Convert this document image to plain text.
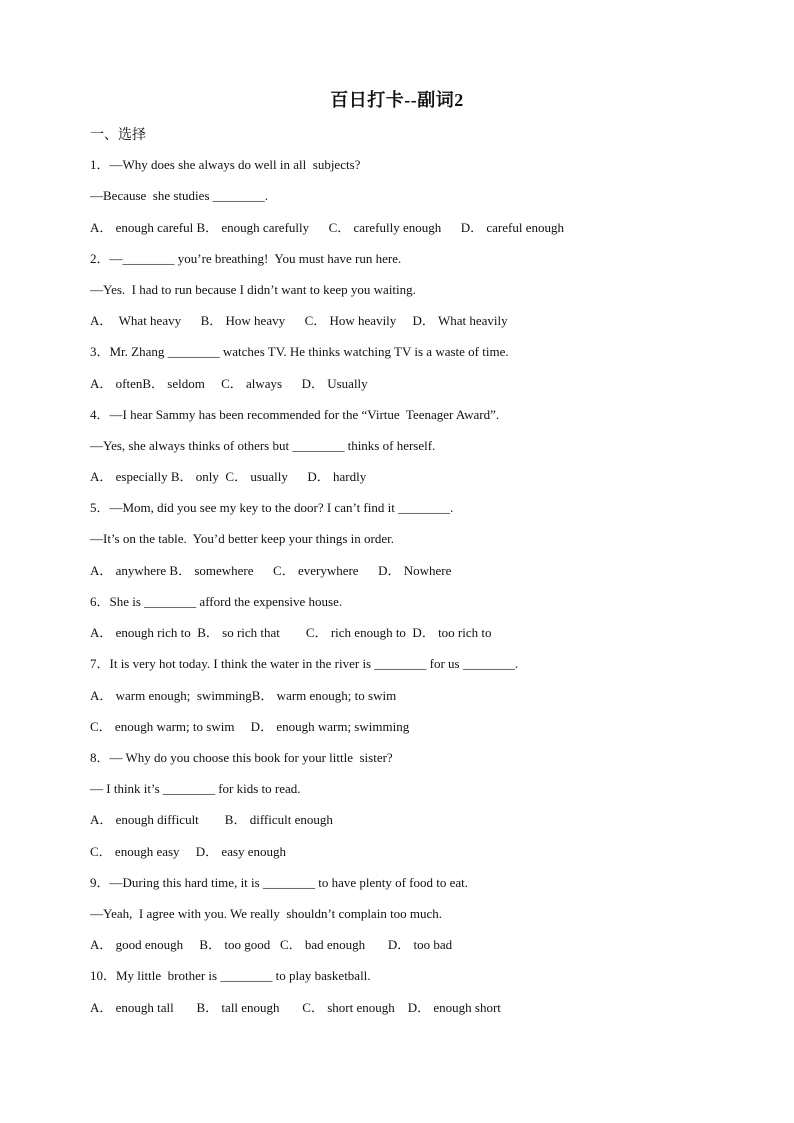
百日打卡--副词2
一、选择
1．—Why does she always do well in all  subjects?
—Because  she studies ________.
A． enough careful B． enough carefully      C． carefully enough      D． careful enough
2．—________ you’re breathing!  You must have run here.
—Yes.  I had to run because I didn’t want to keep you waiting.
A．  What heavy      B． How heavy      C． How heavily     D． What heavily
3．Mr. Zhang ________ watches TV. He thinks watching TV is a waste of time.
A． oftenB． seldom     C． always      D． Usually
4．—I hear Sammy has been recommended for the “Virtue  Teenager Award”.
—Yes, she always thinks of others but ________ thinks of herself.
A． especially B． only  C． usually      D． hardly
5．—Mom, did you see my key to the door? I can’t find it ________.
—It’s on the table.  You’d better keep your things in order.
A． anywhere B． somewhere      C． everywhere      D． Nowhere
6．She is ________ afford the expensive house.
A． enough rich to  B． so rich that        C． rich enough to  D． too rich to
7．It is very hot today. I think the water in the river is ________ for us ________.
A． warm enough;  swimmingB． warm enough; to swim
C． enough warm; to swim     D． enough warm; swimming
8．— Why do you choose this book for your little  sister?
— I think it’s ________ for kids to read.
A． enough difficult        B． difficult enough
C． enough easy     D． easy enough
9．—During this hard time, it is ________ to have plenty of food to eat.
—Yeah,  I agree with you. We really  shouldn’t complain too much.
A． good enough     B． too good   C． bad enough       D． too bad
10．My little  brother is ________ to play basketball.
A． enough tall       B． tall enough       C． short enough    D． enough short
